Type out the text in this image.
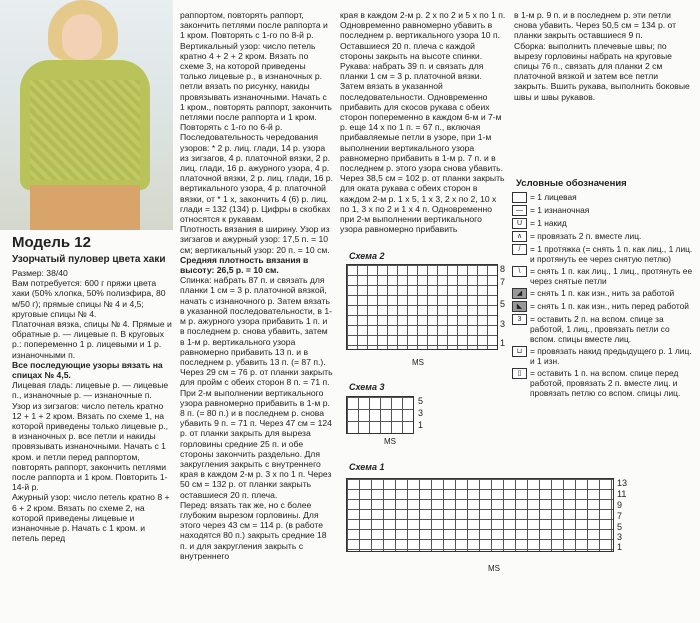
Модель 12
Узорчатый пуловер цвета хаки

Размер: 38/40

Вам потребуется: 600 г пряжи цвета хаки (50% хлопка, 50% полиэфира, 80 м/50 г); прямые спицы № 4 и 4,5; круговые спицы № 4.

Платочная вязка, спицы № 4. Прямые и обратные р. — лицевые п. В круговых р.: попеременно 1 р. лицевыми и 1 р. изнаночными п.

Все последующие узоры вязать на спицах № 4,5.

Лицевая гладь: лицевые р. — лицевые п., изнаночные р. — изнаночные п.

Узор из зигзагов: число петель кратно 12 + 1 + 2 кром. Вязать по схеме 1, на которой приведены только лицевые р., в изнаночных р. все петли и накиды провязывать изнаночными. Начать с 1 кром. и петли перед раппортом, повторять раппорт, закончить петлями после раппорта и 1 кром. Повторить 1-14-й р.

Ажурный узор: число петель кратно 8 + 6 + 2 кром. Вязать по схеме 2, на которой приведены лицевые и изнаночные р. Начать с 1 кром. и петель перед

раппортом, повторять раппорт, закончить петлями после раппорта и 1 кром. Повторять с 1-го по 8-й р.

Вертикальный узор: число петель кратно 4 + 2 + 2 кром. Вязать по схеме 3, на которой приведены только лицевые р., в изнаночных р. петли вязать по рисунку, накиды провязывать изнаночными. Начать с 1 кром., повторять раппорт, закончить петлями после раппорта и 1 кром. Повторять с 1-го по 6-й р.

Последовательность чередования узоров: * 2 р. лиц. глади, 14 р. узора из зигзагов, 4 р. платочной вязки, 2 р. лиц. глади, 16 р. ажурного узора, 4 р. платочной вязки, 2 р. лиц. глади, 16 р. вертикального узора, 4 р. платочной вязки, от * 1 х, закончить 4 (6) р. лиц. глади = 132 (134) р. Цифры в скобках относятся к рукавам.

Плотность вязания в ширину. Узор из зигзагов и ажурный узор: 17,5 п. = 10 см; вертикальный узор: 20 п. = 10 см.

Средняя плотность вязания в высоту: 26,5 р. = 10 см.

Спинка: набрать 87 п. и связать для планки 1 см = 3 р. платочной вязкой, начать с изнаночного р. Затем вязать в указанной последовательности, в 1-м р. ажурного узора прибавить 1 п. и в последнем р. снова убавить, затем в 1-м р. вертикального узора равномерно прибавить 13 п. и в последнем р. убавить 13 п. (= 87 п.). Через 29 см = 76 р. от планки закрыть для пройм с обеих сторон 8 п. = 71 п. При 2-м выполнении вертикального узора равномерно прибавить в 1-м р. 8 п. (= 80 п.) и в последнем р. снова убавить 9 п. = 71 п. Через 47 см = 124 р. от планки закрыть для выреза горловины средние 25 п. и обе стороны закончить раздельно. Для закругления закрыть с внутреннего края в каждом 2-м р. 3 х по 1 п. Через 50 см = 132 р. от планки закрыть оставшиеся 20 п. плеча.

Перед: вязать так же, но с более глубоким вырезом горловины. Для этого через 43 см = 114 р. (в работе находятся 80 п.) закрыть средние 18 п. и для закругления закрыть с внутреннего

края в каждом 2-м р. 2 х по 2 и 5 х по 1 п. Одновременно равномерно убавить в последнем р. вертикального узора 10 п. Оставшиеся 20 п. плеча с каждой стороны закрыть на высоте спинки.

Рукава: набрать 39 п. и связать для планки 1 см = 3 р. платочной вязки. Затем вязать в указанной последовательности. Одновременно прибавить для скосов рукава с обеих сторон попеременно в каждом 6-м и 7-м р. еще 14 х по 1 п. = 67 п., включая прибавляемые петли в узоре, при 1-м выполнении вертикального узора равномерно прибавить в 1-м р. 7 п. и в последнем р. этого узора снова убавить. Через 38,5 см = 102 р. от планки закрыть для оката рукава с обеих сторон в каждом 2-м р. 1 х 5, 1 х 3, 2 х по 2, 10 х по 1, 3 х по 2 и 1 х 4 п. Одновременно при 2-м выполнении вертикального узора равномерно прибавить

в 1-м р. 9 п. и в последнем р. эти петли снова убавить. Через 50,5 см = 134 р. от планки закрыть оставшиеся 9 п.

Сборка: выполнить плечевые швы; по вырезу горловины набрать на круговые спицы 76 п., связать для планки 2 см платочной вязкой и затем все петли закрыть. Вшить рукава, выполнить боковые швы и швы рукавов.

Схема 2
8
7
5
3
1
MS
Схема 3
5
3
1
MS
Схема 1
13
11
9
7
5
3
1
MS
Условные обозначения
= 1 лицевая
— = 1 изнаночная
U = 1 накид
∧ = провязать 2 п. вместе лиц.
/	= 1 протяжка (= снять 1 п. как лиц., 1 лиц. и протянуть ее через снятую петлю)
\	= снять 1 п. как лиц., 1 лиц., протянуть ее через снятые петли
◢ = снять 1 п. как изн., нить за работой
◣ = снять 1 п. как изн., нить перед работой
3	= оставить 2 п. на вспом. спице за работой, 1 лиц., провязать петли со вспом. спицы вместе лиц.
⊔ = провязать накид предыдущего р. 1 лиц. и 1 изн.
▯	= оставить 1 п. на вспом. спице перед работой, провязать 2 п. вместе лиц. и провязать петлю со вспом. спицы лиц.
